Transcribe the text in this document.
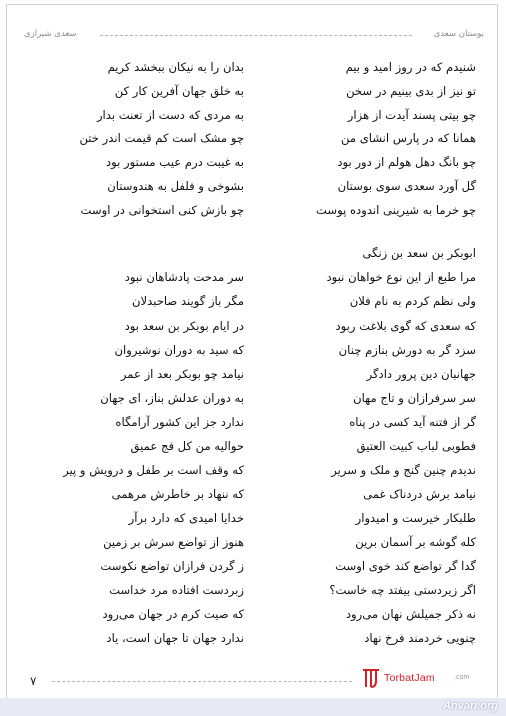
بوستان سعدی
سعدی شیرازی
شنیدم که در روز امید و بیم
بدان را به نیکان ببخشد کریم
تو نیز از بدی بینیم در سخن
به خلق جهان آفرین کار کن
چو بیتی پسند آیدت از هزار
به مردی که دست از تعنت بدار
همانا که در پارس انشای من
چو مشک است کم قیمت اندر ختن
چو بانگ دهل هولم از دور بود
به غیبت درم عیب مستور بود
گل آورد سعدی سوی بوستان
بشوخی و فلفل به هندوستان
چو خرما به شیرینی اندوده پوست
چو بازش کنی استخوانی در اوست
ابوبکر بن سعد بن زنگی
مرا طبع از این نوع خواهان نبود
سر مدحت پادشاهان نبود
ولی نظم کردم به نام فلان
مگر باز گویند صاحبدلان
که سعدی که گوی بلاغت ربود
در ایام بوبکر بن سعد بود
سزد گر به دورش بنازم چنان
که سید به دوران نوشیروان
جهانبان دین پرور دادگر
نیامد چو بوبکر بعد از عمر
سر سرفرازان و تاج مهان
به دوران عدلش بناز، ای جهان
گر از فتنه آید کسی در پناه
ندارد جز این کشور آرامگاه
فطوبی لباب کبیت العتیق
حوالیه من کل فج عمیق
ندیدم چنین گنج و ملک و سریر
که وقف است بر طفل و درویش و پیر
نیامد برش دردناک غمی
که ننهاد بر خاطرش مرهمی
طلبکار خیرست و امیدوار
خدایا امیدی که دارد برآر
کله گوشه بر آسمان برین
هنوز از تواضع سرش بر زمین
گدا گر تواضع کند خوی اوست
ز گردن فرازان تواضع نکوست
اگر زیردستی بیفتد چه خاست؟
زبردست افتاده مرد خداست
نه ذکر جمیلش نهان می‌رود
که صیت کرم در جهان می‌رود
چنویی خردمند فرخ نهاد
ندارد جهان تا جهان است، یاد
۷	TorbatJam	.com
Anvari.org
